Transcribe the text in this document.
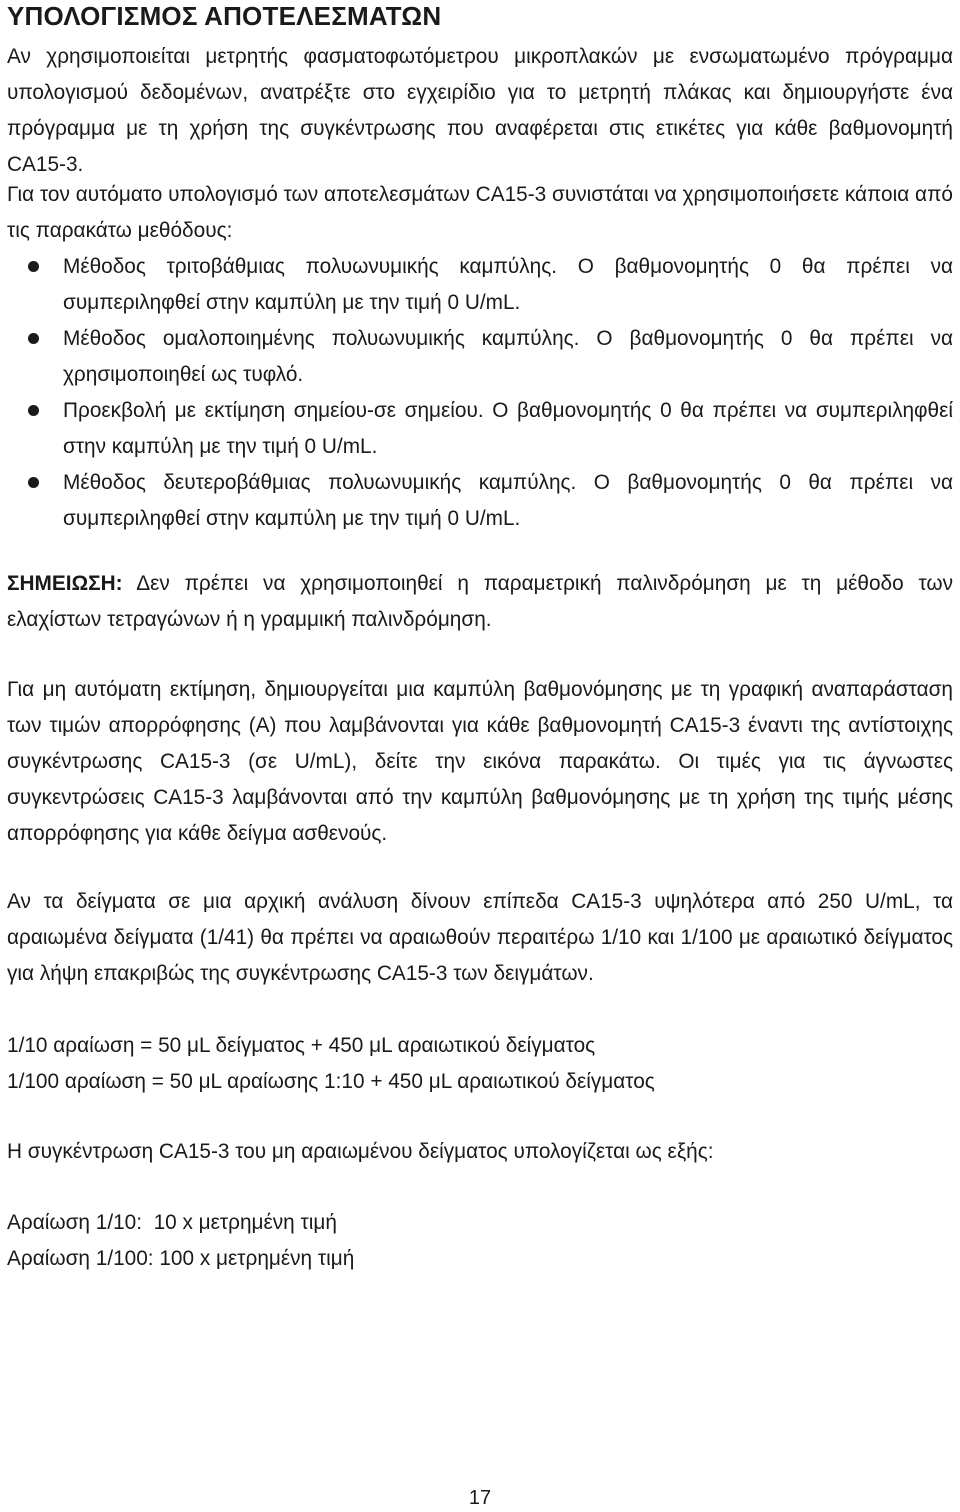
ΥΠΟΛΟΓΙΣΜΟΣ ΑΠΟΤΕΛΕΣΜΑΤΩΝ
Αν χρησιμοποιείται μετρητής φασματοφωτόμετρου μικροπλακών με ενσωματωμένο πρόγραμμα υπολογισμού δεδομένων, ανατρέξτε στο εγχειρίδιο για το μετρητή πλάκας και δημιουργήστε ένα πρόγραμμα με τη χρήση της συγκέντρωσης που αναφέρεται στις ετικέτες για κάθε βαθμονομητή CA15-3.
Για τον αυτόματο υπολογισμό των αποτελεσμάτων CA15-3 συνιστάται να χρησιμοποιήσετε κάποια από τις παρακάτω μεθόδους:
Μέθοδος τριτοβάθμιας πολυωνυμικής καμπύλης. Ο βαθμονομητής 0 θα πρέπει να συμπεριληφθεί στην καμπύλη με την τιμή 0 U/mL.
Μέθοδος ομαλοποιημένης πολυωνυμικής καμπύλης. Ο βαθμονομητής 0 θα πρέπει να χρησιμοποιηθεί ως τυφλό.
Προεκβολή με εκτίμηση σημείου-σε σημείου. Ο βαθμονομητής 0 θα πρέπει να συμπεριληφθεί στην καμπύλη με την τιμή 0 U/mL.
Μέθοδος δευτεροβάθμιας πολυωνυμικής καμπύλης. Ο βαθμονομητής 0 θα πρέπει να συμπεριληφθεί στην καμπύλη με την τιμή 0 U/mL.
ΣΗΜΕΙΩΣΗ: Δεν πρέπει να χρησιμοποιηθεί η παραμετρική παλινδρόμηση με τη μέθοδο των ελαχίστων τετραγώνων ή η γραμμική παλινδρόμηση.
Για μη αυτόματη εκτίμηση, δημιουργείται μια καμπύλη βαθμονόμησης με τη γραφική αναπαράσταση των τιμών απορρόφησης (A) που λαμβάνονται για κάθε βαθμονομητή CA15-3 έναντι της αντίστοιχης συγκέντρωσης CA15-3 (σε U/mL), δείτε την εικόνα παρακάτω. Οι τιμές για τις άγνωστες συγκεντρώσεις CA15-3 λαμβάνονται από την καμπύλη βαθμονόμησης με τη χρήση της τιμής μέσης απορρόφησης για κάθε δείγμα ασθενούς.
Αν τα δείγματα σε μια αρχική ανάλυση δίνουν επίπεδα CA15-3 υψηλότερα από 250 U/mL, τα αραιωμένα δείγματα (1/41) θα πρέπει να αραιωθούν περαιτέρω 1/10 και 1/100 με αραιωτικό δείγματος για λήψη επακριβώς της συγκέντρωσης CA15-3 των δειγμάτων.
1/10 αραίωση = 50 μL δείγματος + 450 μL αραιωτικού δείγματος
1/100 αραίωση = 50 μL αραίωσης 1:10 + 450 μL αραιωτικού δείγματος
Η συγκέντρωση CA15-3 του μη αραιωμένου δείγματος υπολογίζεται ως εξής:
Αραίωση 1/10:  10 x μετρημένη τιμή
Αραίωση 1/100: 100 x μετρημένη τιμή
17
